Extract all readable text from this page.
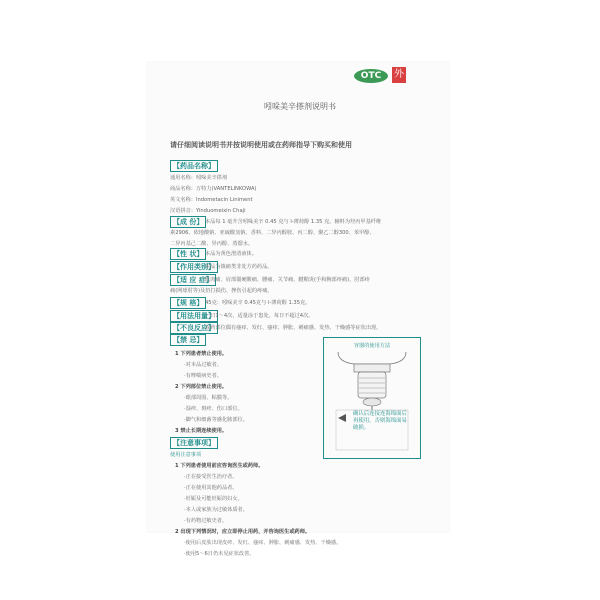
OTC	外
吲哚美辛搽剂说明书
请仔细阅读说明书并按说明使用或在药师指导下购买和使用
【药品名称】
通用名称：吲哚美辛搽剂
商品名称：万特力(VANTELINKOWA)
英文名称：Indometacin Liniment
汉语拼音：Yinduomeixin Chaji
【成 份】 本品每 1 毫升含吲哚美辛 0.45 克与 l-薄荷醇 1.35 克。辅料为羟丙甲基纤维
素2906、依地酸钠、亚硫酸氢钠、香料、二异丙醇胺、丙二醇、聚乙二醇300、苯甲醇、
二异丙基己二酸、异丙醇、蒸馏水。
【性 状】 本品为黄色澄清液体。
【作用类别】
本品为镇痛类非处方药药品。
【适 应 症】
肌肉痛、肩部僵硬酸痛、腰痛、关节痛、腱鞘炎(手和腕部疼痛)、肘部疼
痛(网球肘等)及扭打损伤、挫伤引起的疼痛。
【规 格】 45克：吲哚美辛 0.45克与 l-薄荷醇 1.35克。
【用法用量】
一日1～4次，适量涂于患处。每日不超过4次。
【不良反应】
涂药部位偶有瘙痒、发红、瘙痒、肿胀、刺痛感、发热、干燥感等症状出现。
【禁 忌】
1 下列患者禁止使用。
·对本品过敏者。
·有哮喘病史者。
2 下列部位禁止使用。
·眼部周围、粘膜等。
·湿疹、斑疹、伤口部位。
·脚气和细菌等感化脓部位。
3 禁止长期连续使用。
【注意事项】
使用注意事项
1 下列患者使用前应咨询医生或药师。
·正在接受医生治疗者。
·正在使用其他药品者。
·妊娠及可能妊娠的妇女。
·本人或家族为过敏体质者。
·有药物过敏史者。
2 出现下列情况时，应立即停止用药，并咨询医生或药师。
·使用后皮肤出现皮疹、发红、瘙痒、肿胀、刺痛感、发热、干燥感。
·使用5～6日仍未见症状改善。
容器的使用方法
确认后连接连海绵面后再使用，否则海绵面易破损。
